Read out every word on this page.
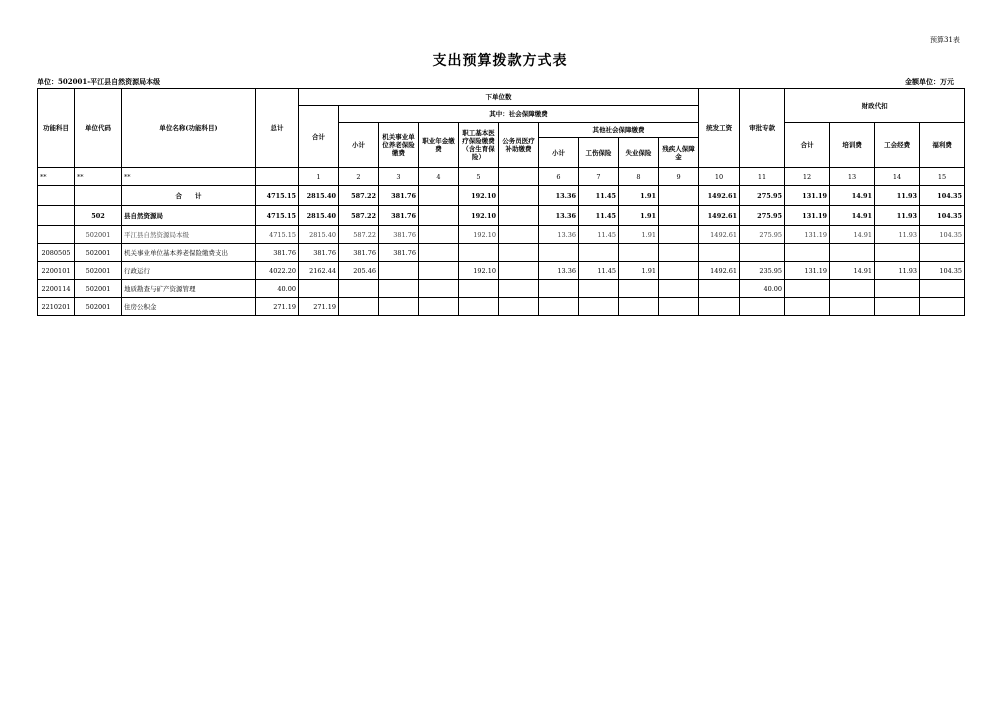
预算31表
支出预算拨款方式表
单位：502001-平江县自然资源局本级	金额单位：万元
功能科目	单位代码	单位名称(功能科目)	总计	下单位数										统发工资	审批专款	财政代扣			
				合计	其中：社会保障缴费														
					小计	机关事业单位养老保险缴费	职业年金缴费	职工基本医疗保险缴费（含生育保险）	公务员医疗补助缴费	其他社会保障缴费						合计	培训费	工会经费	福利费
										小计	工伤保险	失业保险	残疾人保障金						
**	**	**		1	2	3	4	5		6	7	8	9	10	11	12	13	14	15
		合　　计	4715.15	2815.40	587.22	381.76		192.10		13.36	11.45	1.91		1492.61	275.95	131.19	14.91	11.93	104.35
	502	县自然资源局	4715.15	2815.40	587.22	381.76		192.10		13.36	11.45	1.91		1492.61	275.95	131.19	14.91	11.93	104.35
	502001	平江县自然资源局本级	4715.15	2815.40	587.22	381.76		192.10		13.36	11.45	1.91		1492.61	275.95	131.19	14.91	11.93	104.35
2080505	502001	机关事业单位基本养老保险缴费支出	381.76	381.76	381.76	381.76													
2200101	502001	行政运行	4022.20	2162.44	205.46			192.10		13.36	11.45	1.91		1492.61	235.95	131.19	14.91	11.93	104.35
2200114	502001	地质勘查与矿产资源管理	40.00												40.00				
2210201	502001	住房公积金	271.19	271.19															
